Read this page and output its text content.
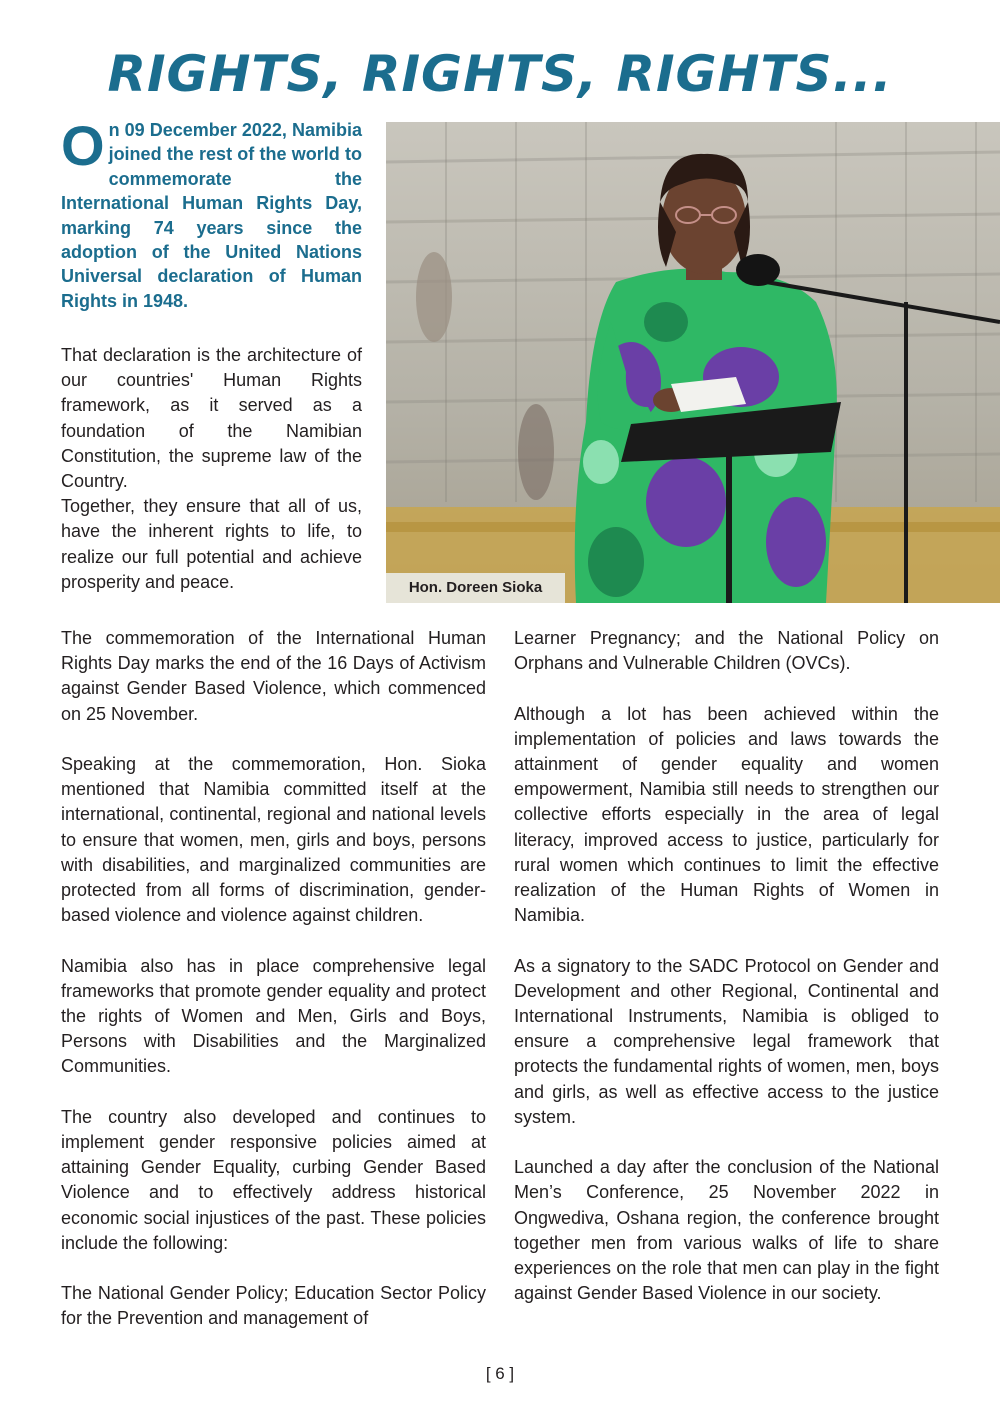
RIGHTS, RIGHTS, RIGHTS...

On 09 December 2022, Namibia joined the rest of the world to commemorate the International Human Rights Day, marking 74 years since the adoption of the United Nations Universal declaration of Human Rights in 1948.

That declaration is the architecture of our countries' Human Rights framework, as it served as a foundation of the Namibian Constitution, the supreme law of the Country.

Together, they ensure that all of us, have the inherent rights to life, to realize our full potential and achieve prosperity and peace.	Hon. Doreen Sioka

The commemoration of the International Human Rights Day marks the end of the 16 Days of Activism against Gender Based Violence, which commenced on 25 November.

Speaking at the commemoration, Hon. Sioka mentioned that Namibia committed itself at the international, continental, regional and national levels to ensure that women, men, girls and boys, persons with disabilities, and marginalized communities are protected from all forms of discrimination, gender-based violence and violence against children.

Namibia also has in place comprehensive legal frameworks that promote gender equality and protect the rights of Women and Men, Girls and Boys, Persons with Disabilities and the Marginalized Communities.

The country also developed and continues to implement gender responsive policies aimed at attaining Gender Equality, curbing Gender Based Violence and to effectively address historical economic social injustices of the past. These policies include the following:

The National Gender Policy; Education Sector Policy for the Prevention and management of

Learner Pregnancy; and the National Policy on Orphans and Vulnerable Children (OVCs).

Although a lot has been achieved within the implementation of policies and laws towards the attainment of gender equality and women empowerment, Namibia still needs to strengthen our collective efforts especially in the area of legal literacy, improved access to justice, particularly for rural women which continues to limit the effective realization of the Human Rights of Women in Namibia.

As a signatory to the SADC Protocol on Gender and Development and other Regional, Continental and International Instruments, Namibia is obliged to ensure a comprehensive legal framework that protects the fundamental rights of women, men, boys and girls, as well as effective access to the justice system.

Launched a day after the conclusion of the National Men’s Conference, 25 November 2022 in Ongwediva, Oshana region, the conference brought together men from various walks of life to share experiences on the role that men can play in the fight against Gender Based Violence in our society.

[ 6 ]
